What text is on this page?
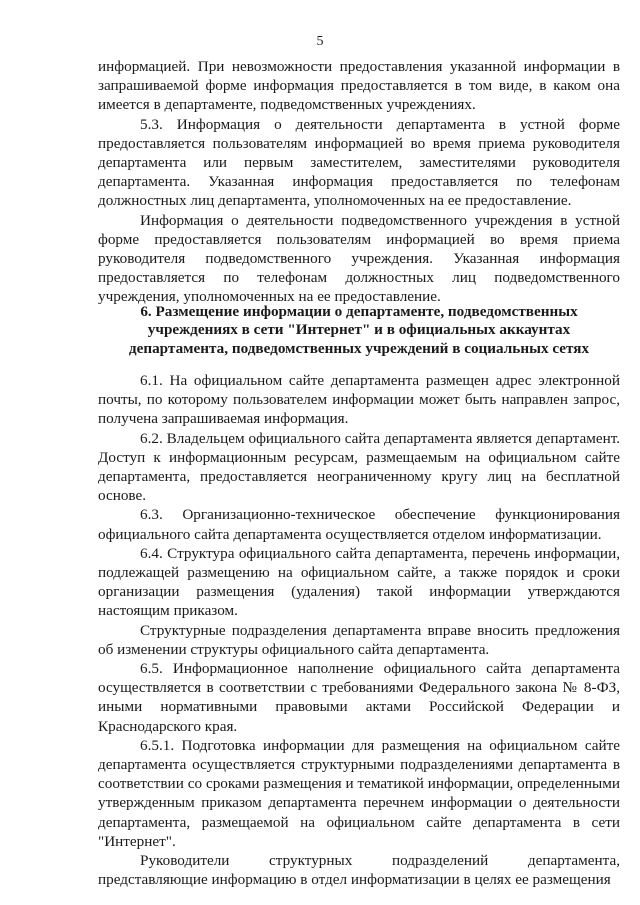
5

информацией. При невозможности предоставления указанной информации в запрашиваемой форме информация предоставляется в том виде, в каком она имеется в департаменте, подведомственных учреждениях.

5.3. Информация о деятельности департамента в устной форме предоставляется пользователям информацией во время приема руководителя департамента или первым заместителем, заместителями руководителя департамента. Указанная информация предоставляется по телефонам должностных лиц департамента, уполномоченных на ее предоставление.

Информация о деятельности подведомственного учреждения в устной форме предоставляется пользователям информацией во время приема руководителя подведомственного учреждения. Указанная информация предоставляется по телефонам должностных лиц подведомственного учреждения, уполномоченных на ее предоставление.

6. Размещение информации о департаменте, подведомственных
учреждениях в сети "Интернет" и в официальных аккаунтах
департамента, подведомственных учреждений в социальных сетях

6.1. На официальном сайте департамента размещен адрес электронной почты, по которому пользователем информации может быть направлен запрос, получена запрашиваемая информация.

6.2. Владельцем официального сайта департамента является департамент. Доступ к информационным ресурсам, размещаемым на официальном сайте департамента, предоставляется неограниченному кругу лиц на бесплатной основе.

6.3. Организационно-техническое обеспечение функционирования официального сайта департамента осуществляется отделом информатизации.

6.4. Структура официального сайта департамента, перечень информации, подлежащей размещению на официальном сайте, а также порядок и сроки организации размещения (удаления) такой информации утверждаются настоящим приказом.

Структурные подразделения департамента вправе вносить предложения об изменении структуры официального сайта департамента.

6.5. Информационное наполнение официального сайта департамента осуществляется в соответствии с требованиями Федерального закона № 8-ФЗ, иными нормативными правовыми актами Российской Федерации и Краснодарского края.

6.5.1. Подготовка информации для размещения на официальном сайте департамента осуществляется структурными подразделениями департамента в соответствии со сроками размещения и тематикой информации, определенными утвержденным приказом департамента перечнем информации о деятельности департамента, размещаемой на официальном сайте департамента в сети "Интернет".

Руководители структурных подразделений департамента, представляющие информацию в отдел информатизации в целях ее размещения
